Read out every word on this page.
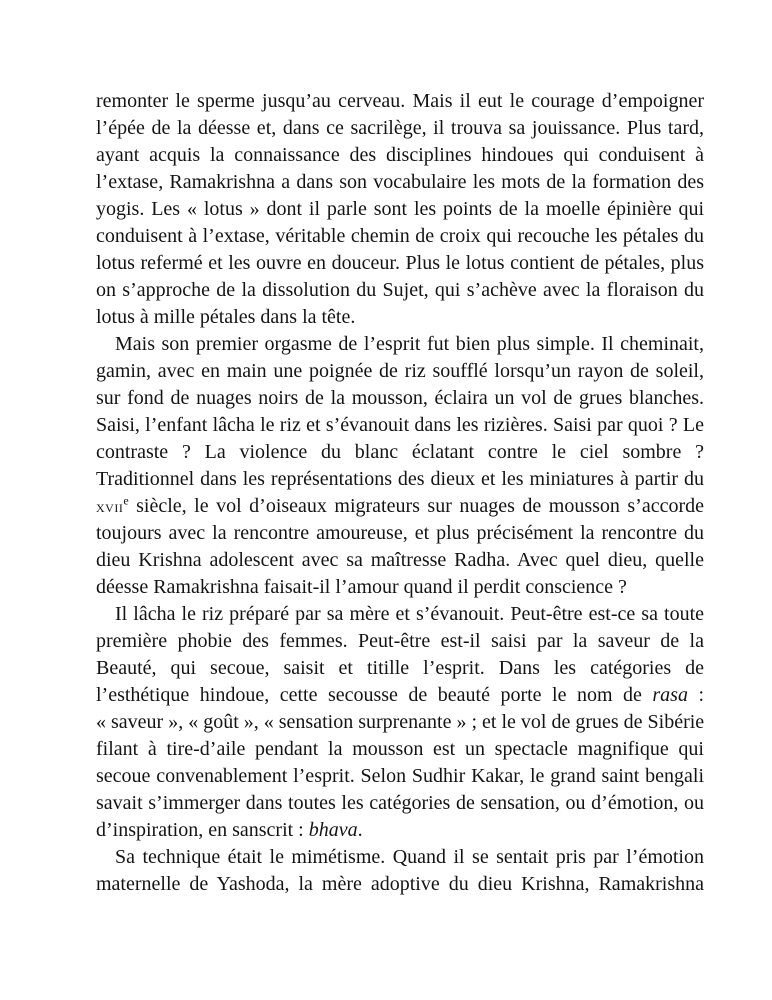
remonter le sperme jusqu’au cerveau. Mais il eut le courage d’empoigner
l’épée de la déesse et, dans ce sacrilège, il trouva sa jouissance. Plus tard,
ayant acquis la connaissance des disciplines hindoues qui conduisent à
l’extase, Ramakrishna a dans son vocabulaire les mots de la formation des
yogis. Les « lotus » dont il parle sont les points de la moelle épinière qui
conduisent à l’extase, véritable chemin de croix qui recouche les pétales du
lotus refermé et les ouvre en douceur. Plus le lotus contient de pétales, plus
on s’approche de la dissolution du Sujet, qui s’achève avec la floraison du
lotus à mille pétales dans la tête.
Mais son premier orgasme de l’esprit fut bien plus simple. Il cheminait,
gamin, avec en main une poignée de riz soufflé lorsqu’un rayon de soleil,
sur fond de nuages noirs de la mousson, éclaira un vol de grues blanches.
Saisi, l’enfant lâcha le riz et s’évanouit dans les rizières. Saisi par quoi ? Le
contraste ? La violence du blanc éclatant contre le ciel sombre ?
Traditionnel dans les représentations des dieux et les miniatures à partir du
xvii$^e$ siècle, le vol d’oiseaux migrateurs sur nuages de mousson s’accorde
toujours avec la rencontre amoureuse, et plus précisément la rencontre du
dieu Krishna adolescent avec sa maîtresse Radha. Avec quel dieu, quelle
déesse Ramakrishna faisait-il l’amour quand il perdit conscience ?
Il lâcha le riz préparé par sa mère et s’évanouit. Peut-être est-ce sa toute
première phobie des femmes. Peut-être est-il saisi par la saveur de la
Beauté, qui secoue, saisit et titille l’esprit. Dans les catégories de
l’esthétique hindoue, cette secousse de beauté porte le nom de rasa :
« saveur », « goût », « sensation surprenante » ; et le vol de grues de Sibérie
filant à tire-d’aile pendant la mousson est un spectacle magnifique qui
secoue convenablement l’esprit. Selon Sudhir Kakar, le grand saint bengali
savait s’immerger dans toutes les catégories de sensation, ou d’émotion, ou
d’inspiration, en sanscrit : bhava.
Sa technique était le mimétisme. Quand il se sentait pris par l’émotion
maternelle de Yashoda, la mère adoptive du dieu Krishna, Ramakrishna
